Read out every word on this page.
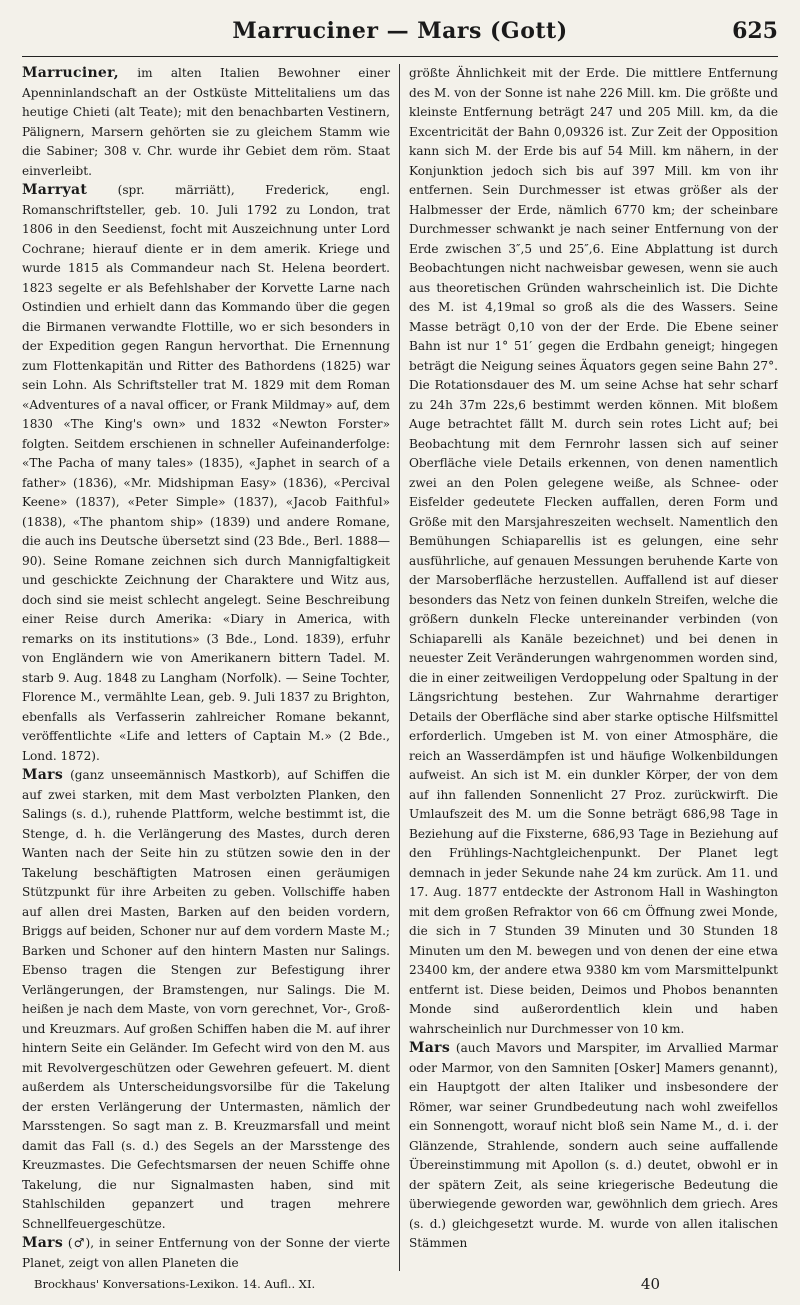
Marruciner — Mars (Gott)	625

Marruciner, im alten Italien Bewohner einer Apenninlandschaft an der Ostküste Mittelitaliens um das heutige Chieti (alt Teate); mit den benachbarten Vestinern, Pälignern, Marsern gehörten sie zu gleichem Stamm wie die Sabiner; 308 v. Chr. wurde ihr Gebiet dem röm. Staat einverleibt.

Marryat (spr. märriätt), Frederick, engl. Romanschriftsteller, geb. 10. Juli 1792 zu London, trat 1806 in den Seedienst, focht mit Auszeichnung unter Lord Cochrane; hierauf diente er in dem amerik. Kriege und wurde 1815 als Commandeur nach St. Helena beordert. 1823 segelte er als Befehlshaber der Korvette Larne nach Ostindien und erhielt dann das Kommando über die gegen die Birmanen verwandte Flottille, wo er sich besonders in der Expedition gegen Rangun hervorthat. Die Ernennung zum Flottenkapitän und Ritter des Bathordens (1825) war sein Lohn. Als Schriftsteller trat M. 1829 mit dem Roman «Adventures of a naval officer, or Frank Mildmay» auf, dem 1830 «The King's own» und 1832 «Newton Forster» folgten. Seitdem erschienen in schneller Aufeinanderfolge: «The Pacha of many tales» (1835), «Japhet in search of a father» (1836), «Mr. Midshipman Easy» (1836), «Percival Keene» (1837), «Peter Simple» (1837), «Jacob Faithful» (1838), «The phantom ship» (1839) und andere Romane, die auch ins Deutsche übersetzt sind (23 Bde., Berl. 1888—90). Seine Romane zeichnen sich durch Mannigfaltigkeit und geschickte Zeichnung der Charaktere und Witz aus, doch sind sie meist schlecht angelegt. Seine Beschreibung einer Reise durch Amerika: «Diary in America, with remarks on its institutions» (3 Bde., Lond. 1839), erfuhr von Engländern wie von Amerikanern bittern Tadel. M. starb 9. Aug. 1848 zu Langham (Norfolk). — Seine Tochter, Florence M., vermählte Lean, geb. 9. Juli 1837 zu Brighton, ebenfalls als Verfasserin zahlreicher Romane bekannt, veröffentlichte «Life and letters of Captain M.» (2 Bde., Lond. 1872).

Mars (ganz unseemännisch Mastkorb), auf Schiffen die auf zwei starken, mit dem Mast verbolzten Planken, den Salings (s. d.), ruhende Plattform, welche bestimmt ist, die Stenge, d. h. die Verlängerung des Mastes, durch deren Wanten nach der Seite hin zu stützen sowie den in der Takelung beschäftigten Matrosen einen geräumigen Stützpunkt für ihre Arbeiten zu geben. Vollschiffe haben auf allen drei Masten, Barken auf den beiden vordern, Briggs auf beiden, Schoner nur auf dem vordern Maste M.; Barken und Schoner auf den hintern Masten nur Salings. Ebenso tragen die Stengen zur Befestigung ihrer Verlängerungen, der Bramstengen, nur Salings. Die M. heißen je nach dem Maste, von vorn gerechnet, Vor-, Groß- und Kreuzmars. Auf großen Schiffen haben die M. auf ihrer hintern Seite ein Geländer. Im Gefecht wird von den M. aus mit Revolvergeschützen oder Gewehren gefeuert. M. dient außerdem als Unterscheidungsvorsilbe für die Takelung der ersten Verlängerung der Untermasten, nämlich der Marsstengen. So sagt man z. B. Kreuzmarsfall und meint damit das Fall (s. d.) des Segels an der Marsstenge des Kreuzmastes. Die Gefechtsmarsen der neuen Schiffe ohne Takelung, die nur Signalmasten haben, sind mit Stahlschilden gepanzert und tragen mehrere Schnellfeuergeschütze.

Mars (♂), in seiner Entfernung von der Sonne der vierte Planet, zeigt von allen Planeten die

größte Ähnlichkeit mit der Erde. Die mittlere Entfernung des M. von der Sonne ist nahe 226 Mill. km. Die größte und kleinste Entfernung beträgt 247 und 205 Mill. km, da die Excentricität der Bahn 0,09326 ist. Zur Zeit der Opposition kann sich M. der Erde bis auf 54 Mill. km nähern, in der Konjunktion jedoch sich bis auf 397 Mill. km von ihr entfernen. Sein Durchmesser ist etwas größer als der Halbmesser der Erde, nämlich 6770 km; der scheinbare Durchmesser schwankt je nach seiner Entfernung von der Erde zwischen 3″,5 und 25″,6. Eine Abplattung ist durch Beobachtungen nicht nachweisbar gewesen, wenn sie auch aus theoretischen Gründen wahrscheinlich ist. Die Dichte des M. ist 4,19mal so groß als die des Wassers. Seine Masse beträgt 0,10 von der der Erde. Die Ebene seiner Bahn ist nur 1° 51′ gegen die Erdbahn geneigt; hingegen beträgt die Neigung seines Äquators gegen seine Bahn 27°. Die Rotationsdauer des M. um seine Achse hat sehr scharf zu 24h 37m 22s,6 bestimmt werden können. Mit bloßem Auge betrachtet fällt M. durch sein rotes Licht auf; bei Beobachtung mit dem Fernrohr lassen sich auf seiner Oberfläche viele Details erkennen, von denen namentlich zwei an den Polen gelegene weiße, als Schnee- oder Eisfelder gedeutete Flecken auffallen, deren Form und Größe mit den Marsjahreszeiten wechselt. Namentlich den Bemühungen Schiaparellis ist es gelungen, eine sehr ausführliche, auf genauen Messungen beruhende Karte von der Marsoberfläche herzustellen. Auffallend ist auf dieser besonders das Netz von feinen dunkeln Streifen, welche die größern dunkeln Flecke untereinander verbinden (von Schiaparelli als Kanäle bezeichnet) und bei denen in neuester Zeit Veränderungen wahrgenommen worden sind, die in einer zeitweiligen Verdoppelung oder Spaltung in der Längsrichtung bestehen. Zur Wahrnahme derartiger Details der Oberfläche sind aber starke optische Hilfsmittel erforderlich. Umgeben ist M. von einer Atmosphäre, die reich an Wasserdämpfen ist und häufige Wolkenbildungen aufweist. An sich ist M. ein dunkler Körper, der von dem auf ihn fallenden Sonnenlicht 27 Proz. zurückwirft. Die Umlaufszeit des M. um die Sonne beträgt 686,98 Tage in Beziehung auf die Fixsterne, 686,93 Tage in Beziehung auf den Frühlings-Nachtgleichenpunkt. Der Planet legt demnach in jeder Sekunde nahe 24 km zurück. Am 11. und 17. Aug. 1877 entdeckte der Astronom Hall in Washington mit dem großen Refraktor von 66 cm Öffnung zwei Monde, die sich in 7 Stunden 39 Minuten und 30 Stunden 18 Minuten um den M. bewegen und von denen der eine etwa 23400 km, der andere etwa 9380 km vom Marsmittelpunkt entfernt ist. Diese beiden, Deimos und Phobos benannten Monde sind außerordentlich klein und haben wahrscheinlich nur Durchmesser von 10 km.

Mars (auch Mavors und Marspiter, im Arvallied Marmar oder Marmor, von den Samniten [Osker] Mamers genannt), ein Hauptgott der alten Italiker und insbesondere der Römer, war seiner Grundbedeutung nach wohl zweifellos ein Sonnengott, worauf nicht bloß sein Name M., d. i. der Glänzende, Strahlende, sondern auch seine auffallende Übereinstimmung mit Apollon (s. d.) deutet, obwohl er in der spätern Zeit, als seine kriegerische Bedeutung die überwiegende geworden war, gewöhnlich dem griech. Ares (s. d.) gleichgesetzt wurde. M. wurde von allen italischen Stämmen

Brockhaus' Konversations-Lexikon. 14. Aufl.. XI.	40
